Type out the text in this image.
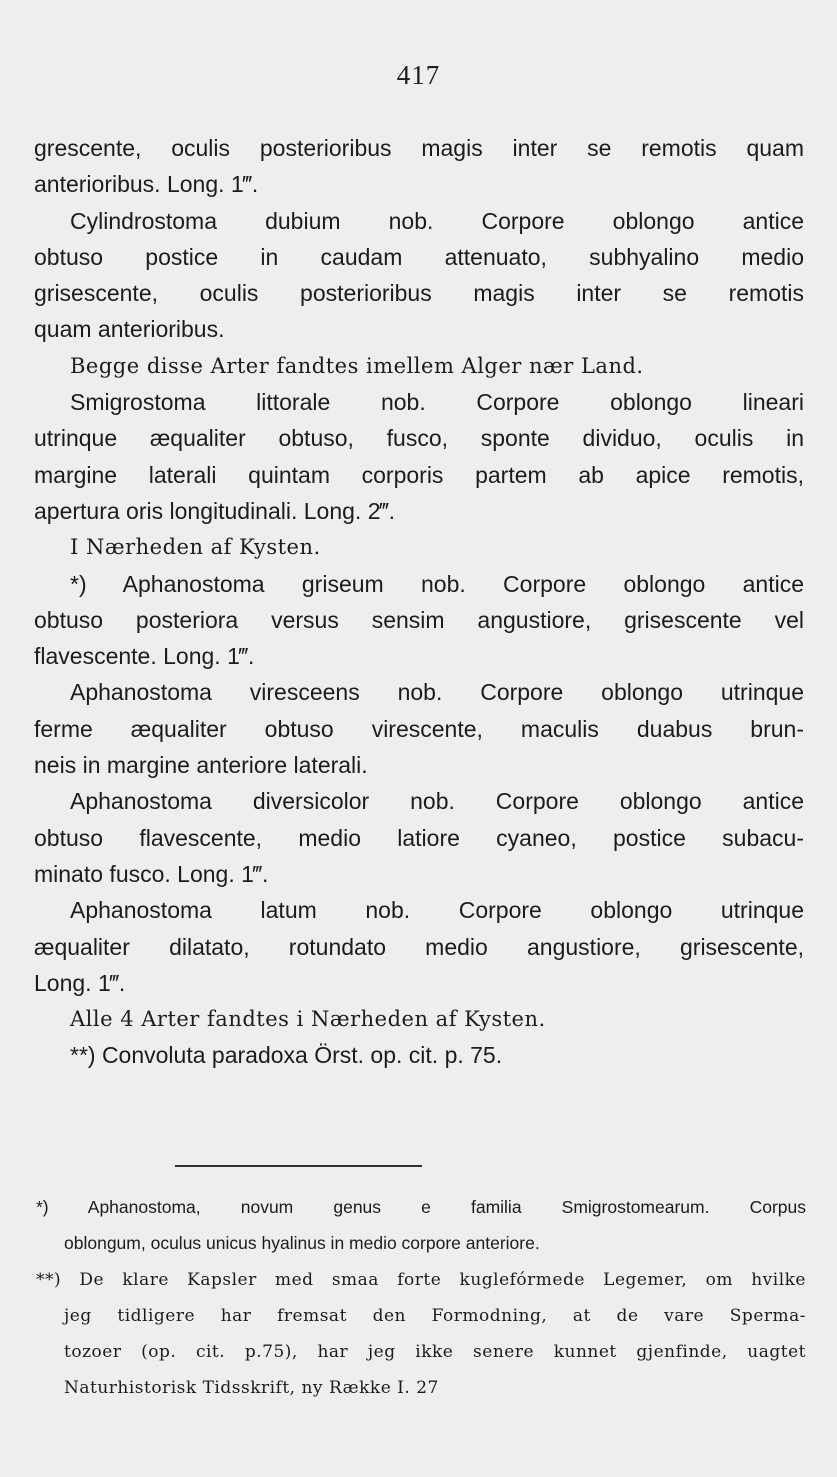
417
grescente, oculis posterioribus magis inter se remotis quam
anterioribus. Long. 1‴.
Cylindrostoma dubium nob. Corpore oblongo antice
obtuso postice in caudam attenuato, subhyalino medio
grisescente, oculis posterioribus magis inter se remotis
quam anterioribus.
Begge disse Arter fandtes imellem Alger nær Land.
Smigrostoma littorale nob. Corpore oblongo lineari
utrinque æqualiter obtuso, fusco, sponte dividuo, oculis in
margine laterali quintam corporis partem ab apice remotis,
apertura oris longitudinali. Long. 2‴.
I Nærheden af Kysten.
*) Aphanostoma griseum nob. Corpore oblongo antice
obtuso posteriora versus sensim angustiore, grisescente vel
flavescente. Long. 1‴.
Aphanostoma viresceens nob. Corpore oblongo utrinque
ferme æqualiter obtuso virescente, maculis duabus brun-
neis in margine anteriore laterali.
Aphanostoma diversicolor nob. Corpore oblongo antice
obtuso flavescente, medio latiore cyaneo, postice subacu-
minato fusco. Long. 1‴.
Aphanostoma latum nob. Corpore oblongo utrinque
æqualiter dilatato, rotundato medio angustiore, grisescente,
Long. 1‴.
Alle 4 Arter fandtes i Nærheden af Kysten.
**) Convoluta paradoxa Örst. op. cit. p. 75.
*) Aphanostoma, novum genus e familia Smigrostomearum. Corpus
oblongum, oculus unicus hyalinus in medio corpore anteriore.
**) De klare Kapsler med smaa forte kuglefórmede Legemer, om hvilke
jeg tidligere har fremsat den Formodning, at de vare Sperma-
tozoer (op. cit. p.75), har jeg ikke senere kunnet gjenfinde, uagtet
Naturhistorisk Tidsskrift, ny Række I. 27
